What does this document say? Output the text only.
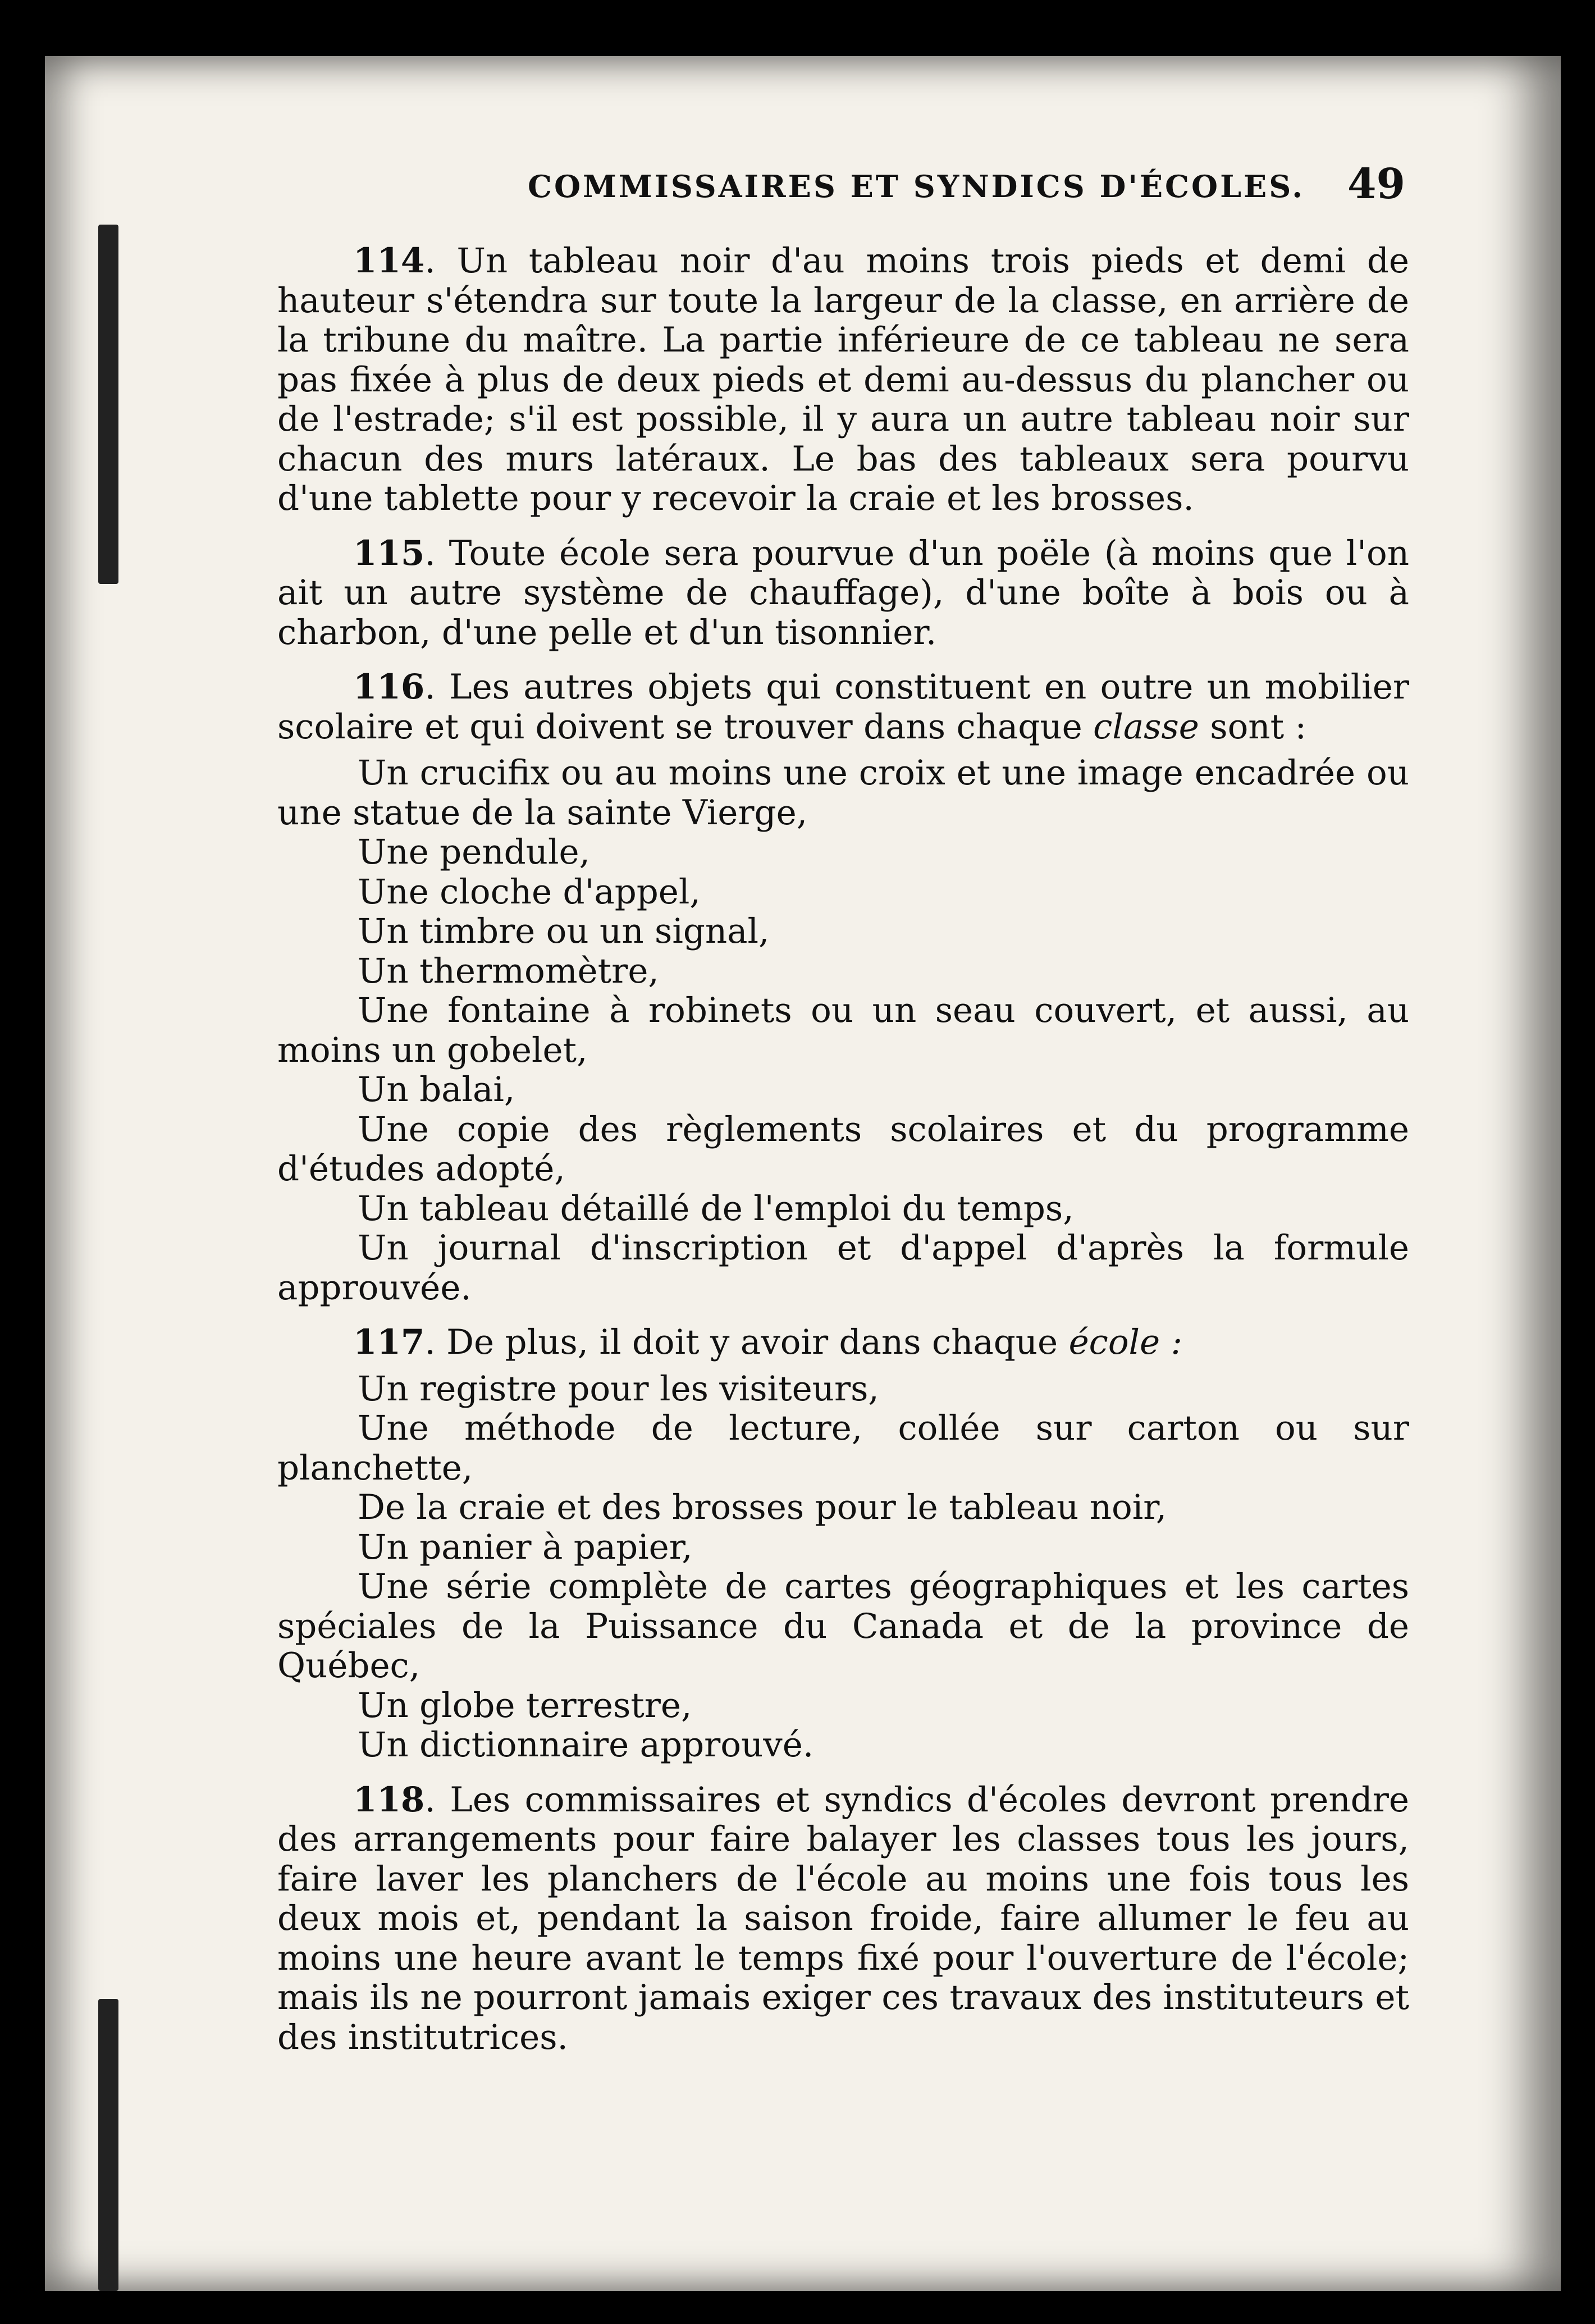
COMMISSAIRES ET SYNDICS D'ÉCOLES. 49

114. Un tableau noir d'au moins trois pieds et demi de hauteur s'étendra sur toute la largeur de la classe, en arrière de la tribune du maître. La partie inférieure de ce tableau ne sera pas fixée à plus de deux pieds et demi au-dessus du plancher ou de l'estrade; s'il est possible, il y aura un autre tableau noir sur chacun des murs latéraux. Le bas des tableaux sera pourvu d'une tablette pour y recevoir la craie et les brosses.

115. Toute école sera pourvue d'un poële (à moins que l'on ait un autre système de chauffage), d'une boîte à bois ou à charbon, d'une pelle et d'un tisonnier.

116. Les autres objets qui constituent en outre un mobilier scolaire et qui doivent se trouver dans chaque classe sont :

Un crucifix ou au moins une croix et une image encadrée ou une statue de la sainte Vierge,
Une pendule,
Une cloche d'appel,
Un timbre ou un signal,
Un thermomètre,
Une fontaine à robinets ou un seau couvert, et aussi, au moins un gobelet,
Un balai,
Une copie des règlements scolaires et du programme d'études adopté,
Un tableau détaillé de l'emploi du temps,
Un journal d'inscription et d'appel d'après la formule approuvée.

117. De plus, il doit y avoir dans chaque école :

Un registre pour les visiteurs,
Une méthode de lecture, collée sur carton ou sur planchette,
De la craie et des brosses pour le tableau noir,
Un panier à papier,
Une série complète de cartes géographiques et les cartes spéciales de la Puissance du Canada et de la province de Québec,
Un globe terrestre,
Un dictionnaire approuvé.

118. Les commissaires et syndics d'écoles devront prendre des arrangements pour faire balayer les classes tous les jours, faire laver les planchers de l'école au moins une fois tous les deux mois et, pendant la saison froide, faire allumer le feu au moins une heure avant le temps fixé pour l'ouverture de l'école; mais ils ne pourront jamais exiger ces travaux des instituteurs et des institutrices.
